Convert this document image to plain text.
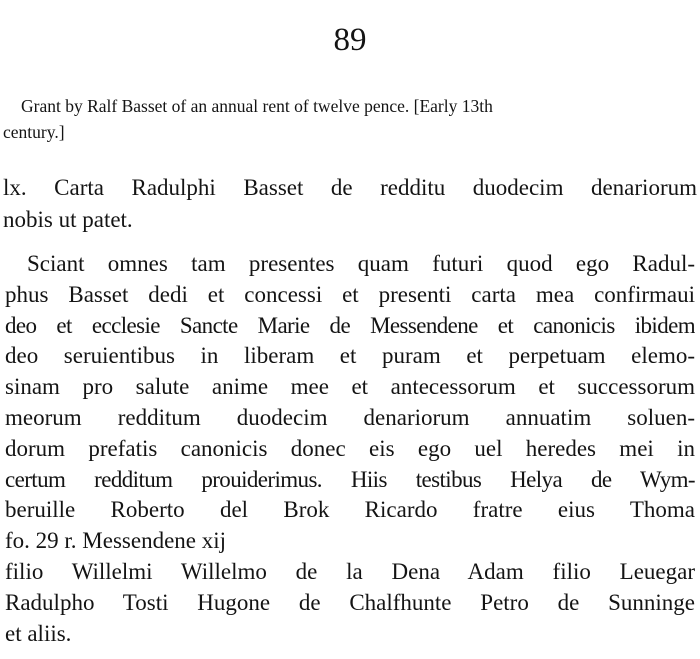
89
Grant by Ralf Basset of an annual rent of twelve pence. [Early 13th
century.]
lx. Carta Radulphi Basset de redditu duodecim denariorum
nobis ut patet.
Sciant omnes tam presentes quam futuri quod ego Radul-
phus Basset dedi et concessi et presenti carta mea confirmaui
deo et ecclesie Sancte Marie de Messendene et canonicis ibidem
deo seruientibus in liberam et puram et perpetuam elemo-
sinam pro salute anime mee et antecessorum et successorum
meorum redditum duodecim denariorum annuatim soluen-
dorum prefatis canonicis donec eis ego uel heredes mei in
certum redditum prouiderimus. Hiis testibus Helya de Wym-
beruille Roberto del Brok Ricardo fratre eius Thoma
fo. 29 r. Messendene xij
filio Willelmi Willelmo de la Dena Adam filio Leuegar
Radulpho Tosti Hugone de Chalfhunte Petro de Sunninge
et aliis.
